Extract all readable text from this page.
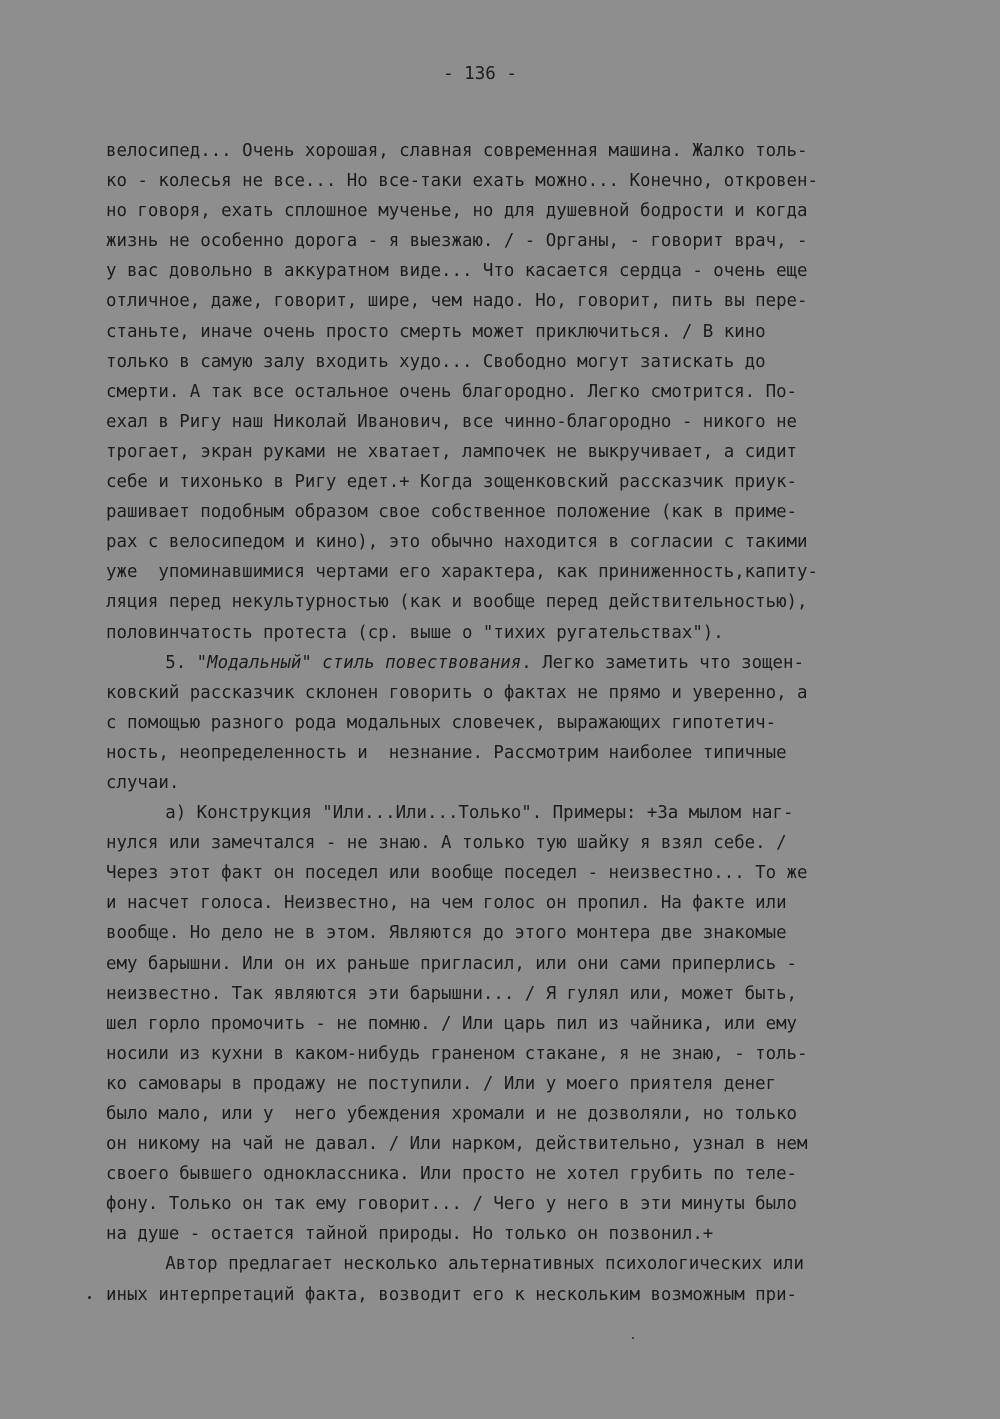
- 136 -
велосипед... Очень хорошая, славная современная машина. Жалко толь-
ко - колесья не все... Но все-таки ехать можно... Конечно, откровен-
но говоря, ехать сплошное мученье, но для душевной бодрости и когда
жизнь не особенно дорога - я выезжаю. / - Органы, - говорит врач, -
у вас довольно в аккуратном виде... Что касается сердца - очень еще
отличное, даже, говорит, шире, чем надо. Но, говорит, пить вы пере-
станьте, иначе очень просто смерть может приключиться. / В кино
только в самую залу входить худо... Свободно могут затискать до
смерти. А так все остальное очень благородно. Легко смотрится. По-
ехал в Ригу наш Николай Иванович, все чинно-благородно - никого не
трогает, экран руками не хватает, лампочек не выкручивает, а сидит
себе и тихонько в Ригу едет.+ Когда зощенковский рассказчик приук-
рашивает подобным образом свое собственное положение (как в приме-
рах с велосипедом и кино), это обычно находится в согласии с такими
уже  упоминавшимися чертами его характера, как приниженность,капиту-
ляция перед некультурностью (как и вообще перед действительностью),
половинчатость протеста (ср. выше о "тихих ругательствах").
5. "Модальный" стиль повествования. Легко заметить что зощен-
ковский рассказчик склонен говорить о фактах не прямо и уверенно, а
с помощью разного рода модальных словечек, выражающих гипотетич-
ность, неопределенность и  незнание. Рассмотрим наиболее типичные
случаи.
а) Конструкция "Или...Или...Только". Примеры: +За мылом наг-
нулся или замечтался - не знаю. А только тую шайку я взял себе. /
Через этот факт он поседел или вообще поседел - неизвестно... То же
и насчет голоса. Неизвестно, на чем голос он пропил. На факте или
вообще. Но дело не в этом. Являются до этого монтера две знакомые
ему барышни. Или он их раньше пригласил, или они сами приперлись -
неизвестно. Так являются эти барышни... / Я гулял или, может быть,
шел горло промочить - не помню. / Или царь пил из чайника, или ему
носили из кухни в каком-нибудь граненом стакане, я не знаю, - толь-
ко самовары в продажу не поступили. / Или у моего приятеля денег
было мало, или у  него убеждения хромали и не дозволяли, но только
он никому на чай не давал. / Или нарком, действительно, узнал в нем
своего бывшего одноклассника. Или просто не хотел грубить по теле-
фону. Только он так ему говорит... / Чего у него в эти минуты было
на душе - остается тайной природы. Но только он позвонил.+
Автор предлагает несколько альтернативных психологических или
иных интерпретаций факта, возводит его к нескольким возможным при-
